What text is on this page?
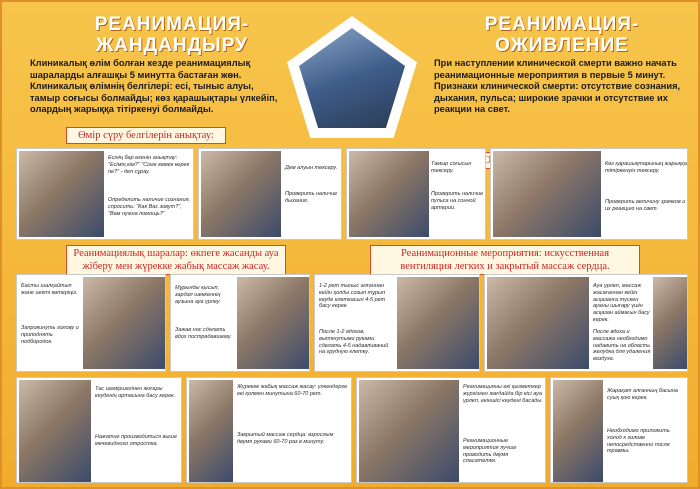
РЕАНИМАЦИЯ-ЖАНДАНДЫРУ
РЕАНИМАЦИЯ-ОЖИВЛЕНИЕ
Клиникалық өлім болған кезде реанимациялық шараларды алғашқы 5 минутта бастаған жөн. Клиникалық өлімнің белгілері: есі, тыныс алуы, тамыр соғысы болмайды; көз қарашықтары үлкейіп, олардың жарыққа тітіркенуі болмайды.
При наступлении клинической смерти важно начать реанимационные мероприятия в первые 5 минут. Признаки клинической смерти: отсутствие сознания, дыхания, пульса; широкие зрачки и отсутствие их реакции на свет.
Өмір сүру белгілерін анықтау:
Реанимациялық шаралар: өкпеге жасанды ауа жіберу мен жүрекке жабық массаж жасау.
Реанимационные мероприятия: искусственная вентиляция легких и закрытый массаж сердца.
Есінің бар екенін анықтау: "Есімің кім?" "Сізге көмек керек пе?" - деп сұрау.
Определить наличие сознания, спросить: "Как Вас зовут?", "Вам нужна помощь?"
Дем алуын тексеру.
Проверить наличие дыхания.
Тамыр соғысын тексеру.
Проверить наличие пульса на сонной артерии.
Көз қарашықтарының жарыққа тітіркенуін тексеру.
Проверить величину зрачков и их реакцию на свет.
Басты шалқайтып жане иекті көтеріңіз.
Запрокинуть голову и приподнять подбородок.
Мұрынды қысып, зардап шеккеннің аузына ауа үрлеу.
Зажав нос сделать вдох пострадавшему.
1-2 рет тыныс алғаннан кейін қолды созып тұрып кеуде клеткасын 4-5 рет басу керек.
После 1-2 вдохов, вытянутыми руками сделать 4-5 надавливаний на грудную клетку.
Ауа үрлеп, массаж жасағаннан кейін асқазанға түскен ауаны шығару үшін асқазан аймағын басу керек.
После вдоха и массажа необходимо надавить на область желудка для удаления воздуха.
Төс шеміршегінен жоғары кеуденің ортасына басу керек.
Нажатие производиться выше мечевидного отростка.
Жүрекке жабық массаж жасау: үлкендерге екі қолмен минутына 60-70 рет.
Закрытый массаж сердца: взрослым двумя руками 60-70 раз в минуту.
Реанимацияны екі қызметкер жүргізген жағдайда бір кісі ауа үрлеп, екіншісі кеудені басады.
Реанимационные мероприятия лучше проводить двумя спасателям.
Жарақат алғанның басына суық қою керек.
Необходимо приложить холод к голове непосредственно после травмы.
